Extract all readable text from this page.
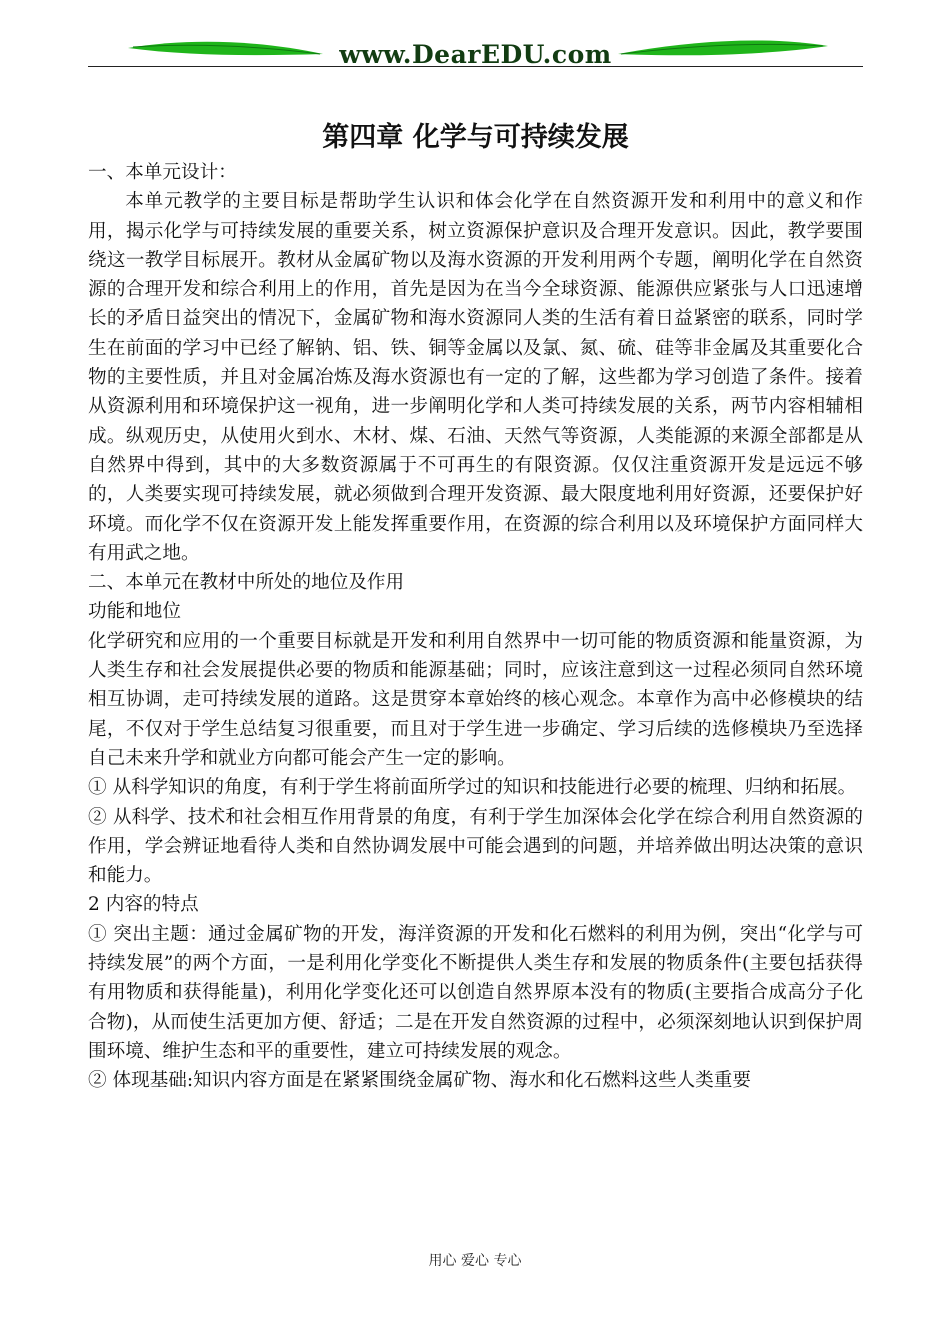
www.DearEDU.com
第四章 化学与可持续发展

一、本单元设计：

本单元教学的主要目标是帮助学生认识和体会化学在自然资源开发和利用中的意义和作用，揭示化学与可持续发展的重要关系，树立资源保护意识及合理开发意识。因此，教学要围绕这一教学目标展开。教材从金属矿物以及海水资源的开发利用两个专题，阐明化学在自然资源的合理开发和综合利用上的作用，首先是因为在当今全球资源、能源供应紧张与人口迅速增长的矛盾日益突出的情况下，金属矿物和海水资源同人类的生活有着日益紧密的联系，同时学生在前面的学习中已经了解钠、铝、铁、铜等金属以及氯、氮、硫、硅等非金属及其重要化合物的主要性质，并且对金属冶炼及海水资源也有一定的了解，这些都为学习创造了条件。接着从资源利用和环境保护这一视角，进一步阐明化学和人类可持续发展的关系，两节内容相辅相成。纵观历史，从使用火到水、木材、煤、石油、天然气等资源，人类能源的来源全部都是从自然界中得到，其中的大多数资源属于不可再生的有限资源。仅仅注重资源开发是远远不够的，人类要实现可持续发展，就必须做到合理开发资源、最大限度地利用好资源，还要保护好环境。而化学不仅在资源开发上能发挥重要作用，在资源的综合利用以及环境保护方面同样大有用武之地。

二、本单元在教材中所处的地位及作用

功能和地位

化学研究和应用的一个重要目标就是开发和利用自然界中一切可能的物质资源和能量资源，为人类生存和社会发展提供必要的物质和能源基础；同时，应该注意到这一过程必须同自然环境相互协调，走可持续发展的道路。这是贯穿本章始终的核心观念。本章作为高中必修模块的结尾，不仅对于学生总结复习很重要，而且对于学生进一步确定、学习后续的选修模块乃至选择自己未来升学和就业方向都可能会产生一定的影响。

① 从科学知识的角度，有利于学生将前面所学过的知识和技能进行必要的梳理、归纳和拓展。

② 从科学、技术和社会相互作用背景的角度，有利于学生加深体会化学在综合利用自然资源的作用，学会辨证地看待人类和自然协调发展中可能会遇到的问题，并培养做出明达决策的意识和能力。

2 内容的特点

① 突出主题：通过金属矿物的开发，海洋资源的开发和化石燃料的利用为例，突出“化学与可持续发展”的两个方面，一是利用化学变化不断提供人类生存和发展的物质条件(主要包括获得有用物质和获得能量)，利用化学变化还可以创造自然界原本没有的物质(主要指合成高分子化合物)，从而使生活更加方便、舒适；二是在开发自然资源的过程中，必须深刻地认识到保护周围环境、维护生态和平的重要性，建立可持续发展的观念。

② 体现基础:知识内容方面是在紧紧围绕金属矿物、海水和化石燃料这些人类重要

用心 爱心 专心
